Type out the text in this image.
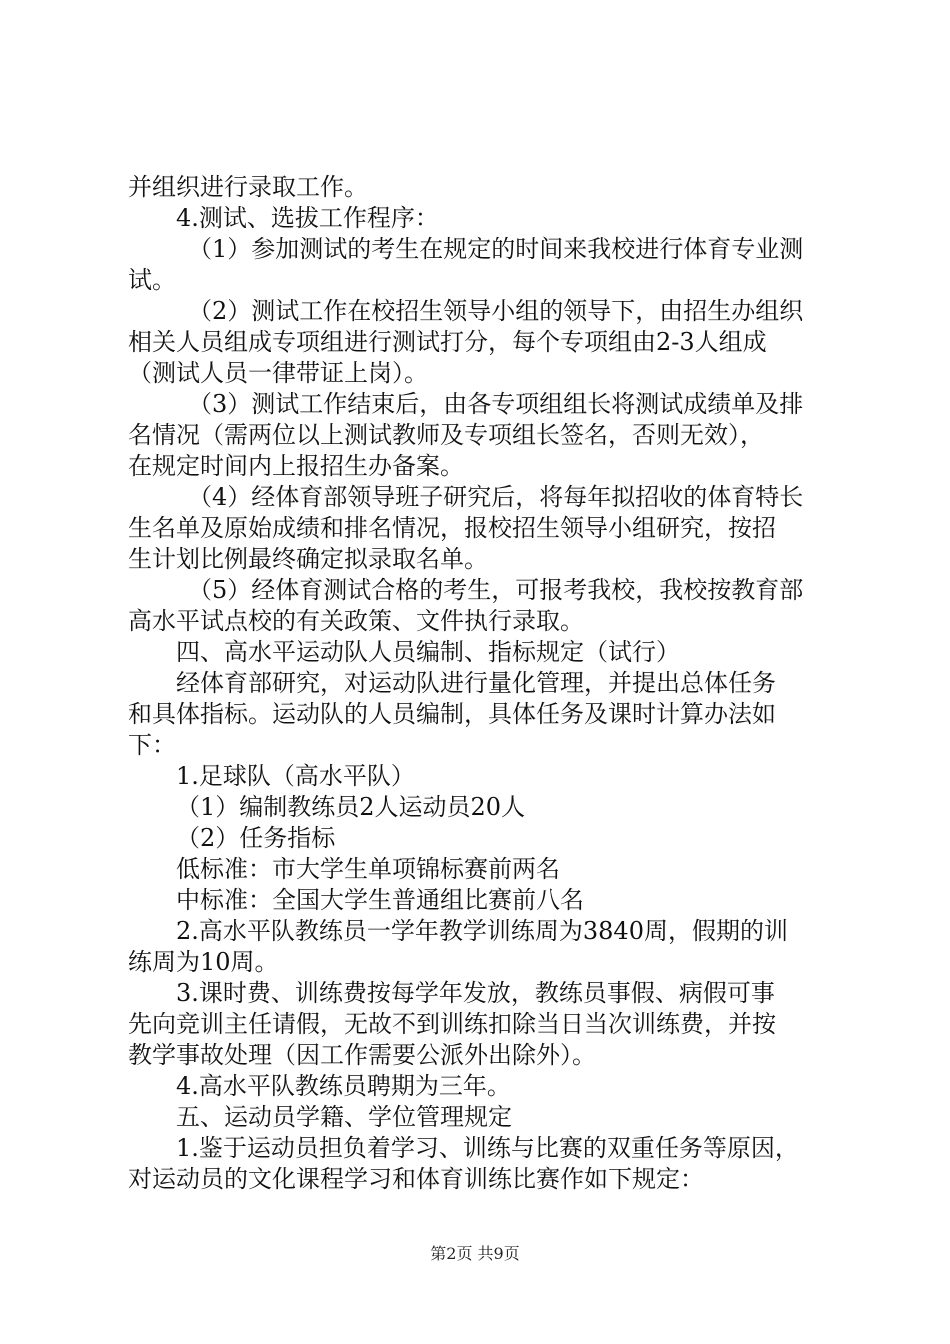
并组织进行录取工作。
4.测试、选拔工作程序：
（1）参加测试的考生在规定的时间来我校进行体育专业测
试。
（2）测试工作在校招生领导小组的领导下，由招生办组织
相关人员组成专项组进行测试打分，每个专项组由2-3人组成
（测试人员一律带证上岗）。
（3）测试工作结束后，由各专项组组长将测试成绩单及排
名情况（需两位以上测试教师及专项组长签名，否则无效），
在规定时间内上报招生办备案。
（4）经体育部领导班子研究后，将每年拟招收的体育特长
生名单及原始成绩和排名情况，报校招生领导小组研究，按招
生计划比例最终确定拟录取名单。
（5）经体育测试合格的考生，可报考我校，我校按教育部
高水平试点校的有关政策、文件执行录取。
四、高水平运动队人员编制、指标规定（试行）
经体育部研究，对运动队进行量化管理，并提出总体任务
和具体指标。运动队的人员编制，具体任务及课时计算办法如
下：
1.足球队（高水平队）
（1）编制教练员2人运动员20人
（2）任务指标
低标准：市大学生单项锦标赛前两名
中标准：全国大学生普通组比赛前八名
2.高水平队教练员一学年教学训练周为3840周，假期的训
练周为10周。
3.课时费、训练费按每学年发放，教练员事假、病假可事
先向竞训主任请假，无故不到训练扣除当日当次训练费，并按
教学事故处理（因工作需要公派外出除外）。
4.高水平队教练员聘期为三年。
五、运动员学籍、学位管理规定
1.鉴于运动员担负着学习、训练与比赛的双重任务等原因，
对运动员的文化课程学习和体育训练比赛作如下规定：
第2页 共9页
